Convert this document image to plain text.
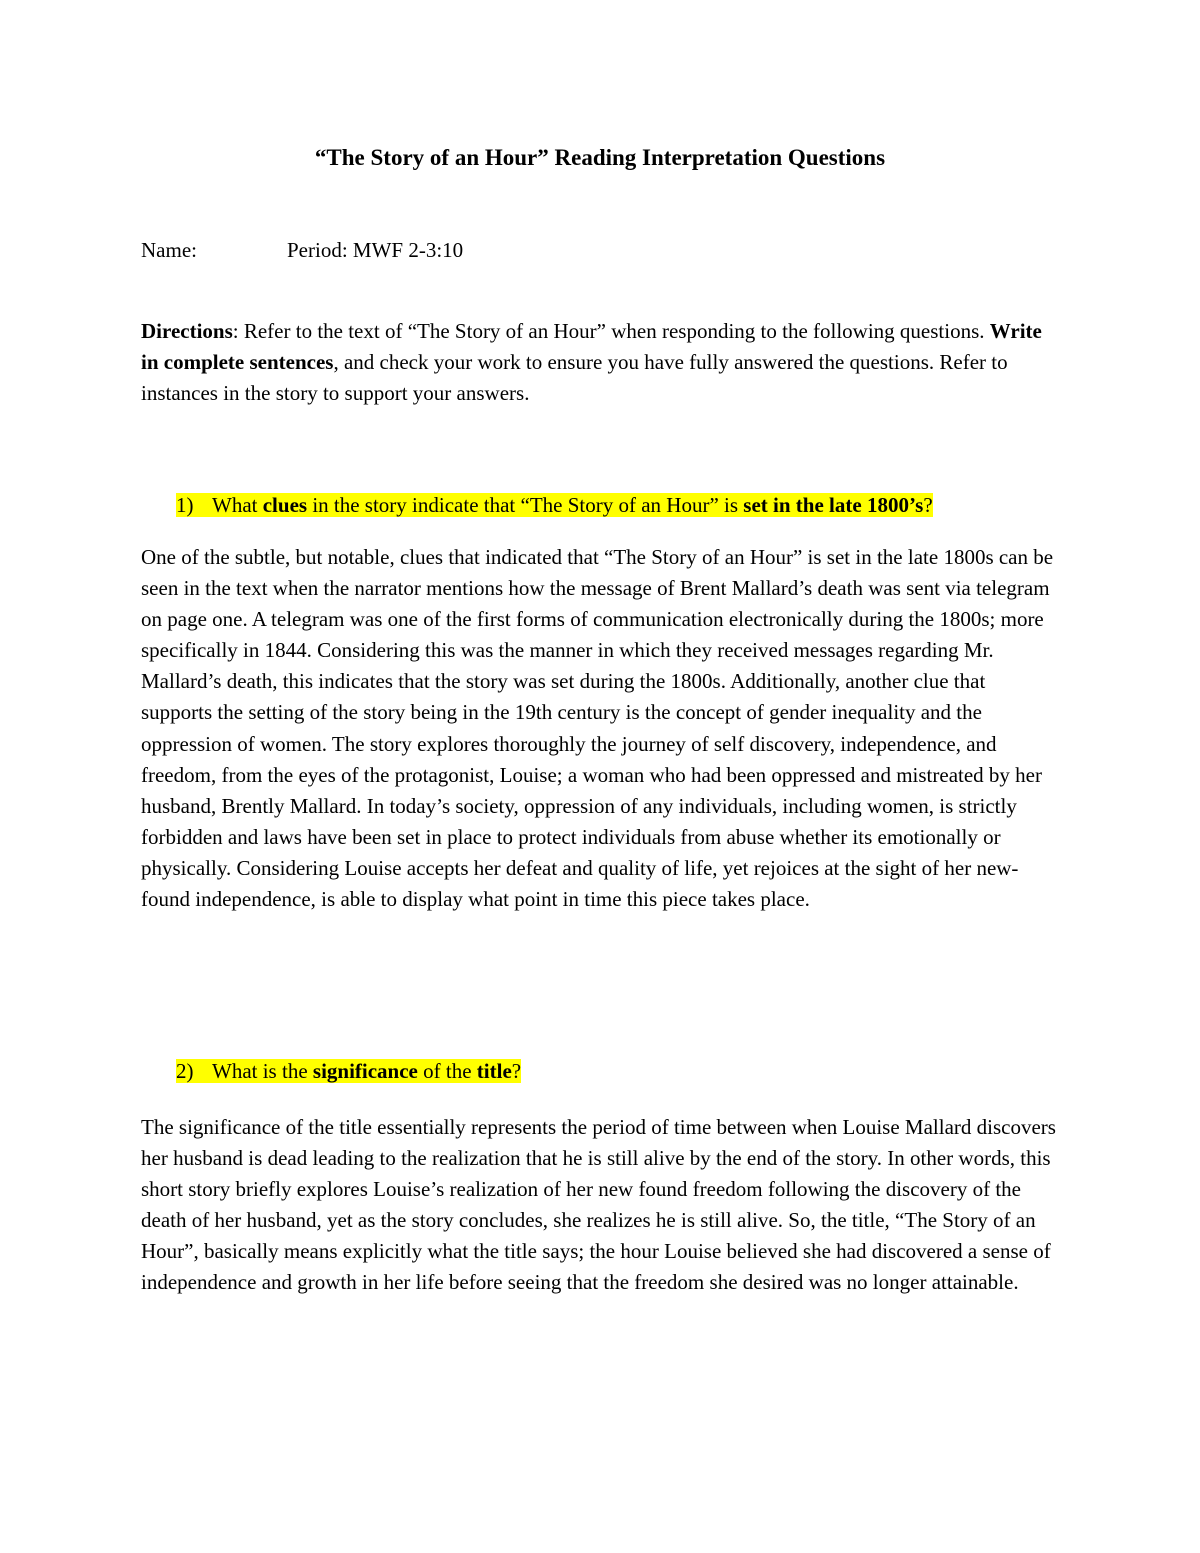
“The Story of an Hour” Reading Interpretation Questions
Name:	Period: MWF 2-3:10

Directions: Refer to the text of “The Story of an Hour” when responding to the following questions. Write in complete sentences, and check your work to ensure you have fully answered the questions. Refer to instances in the story to support your answers.

1) What clues in the story indicate that “The Story of an Hour” is set in the late 1800’s?

One of the subtle, but notable, clues that indicated that “The Story of an Hour” is set in the late 1800s can be seen in the text when the narrator mentions how the message of Brent Mallard’s death was sent via telegram on page one. A telegram was one of the first forms of communication electronically during the 1800s; more specifically in 1844. Considering this was the manner in which they received messages regarding Mr. Mallard’s death, this indicates that the story was set during the 1800s. Additionally, another clue that supports the setting of the story being in the 19th century is the concept of gender inequality and the oppression of women. The story explores thoroughly the journey of self discovery, independence, and freedom, from the eyes of the protagonist, Louise; a woman who had been oppressed and mistreated by her husband, Brently Mallard. In today’s society, oppression of any individuals, including women, is strictly forbidden and laws have been set in place to protect individuals from abuse whether its emotionally or physically. Considering Louise accepts her defeat and quality of life, yet rejoices at the sight of her new-found independence, is able to display what point in time this piece takes place.

2) What is the significance of the title?

The significance of the title essentially represents the period of time between when Louise Mallard discovers her husband is dead leading to the realization that he is still alive by the end of the story. In other words, this short story briefly explores Louise’s realization of her new found freedom following the discovery of the death of her husband, yet as the story concludes, she realizes he is still alive. So, the title, “The Story of an Hour”, basically means explicitly what the title says; the hour Louise believed she had discovered a sense of independence and growth in her life before seeing that the freedom she desired was no longer attainable.
